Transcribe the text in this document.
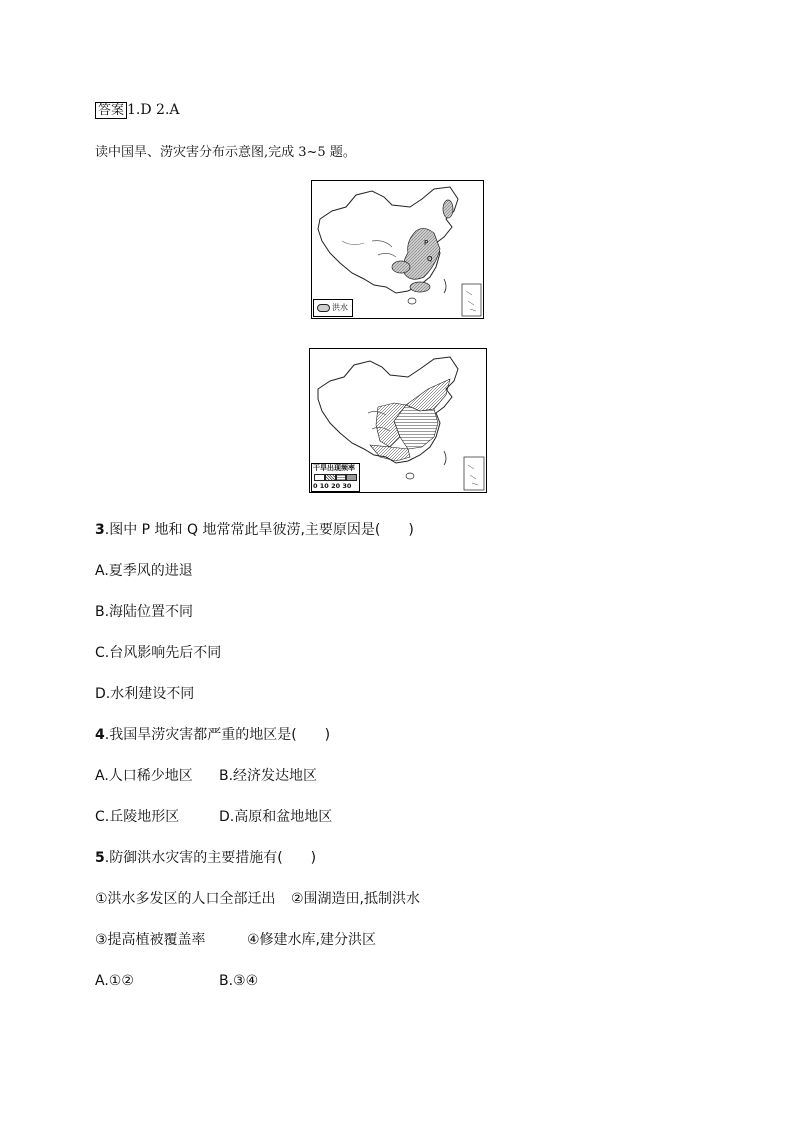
答案 1.D 2.A
读中国旱、涝灾害分布示意图,完成 3~5 题。
P
Q
洪水
干旱出现频率
0 10 20 30
3.图中 P 地和 Q 地常常此旱彼涝,主要原因是(　　)
A.夏季风的进退
B.海陆位置不同
C.台风影响先后不同
D.水利建设不同
4.我国旱涝灾害都严重的地区是(　　)
A.人口稀少地区 B.经济发达地区
C.丘陵地形区	D.高原和盆地地区
5.防御洪水灾害的主要措施有(　　)
①洪水多发区的人口全部迁出 ②围湖造田,抵制洪水
③提高植被覆盖率	④修建水库,建分洪区
A.①②	B.③④
